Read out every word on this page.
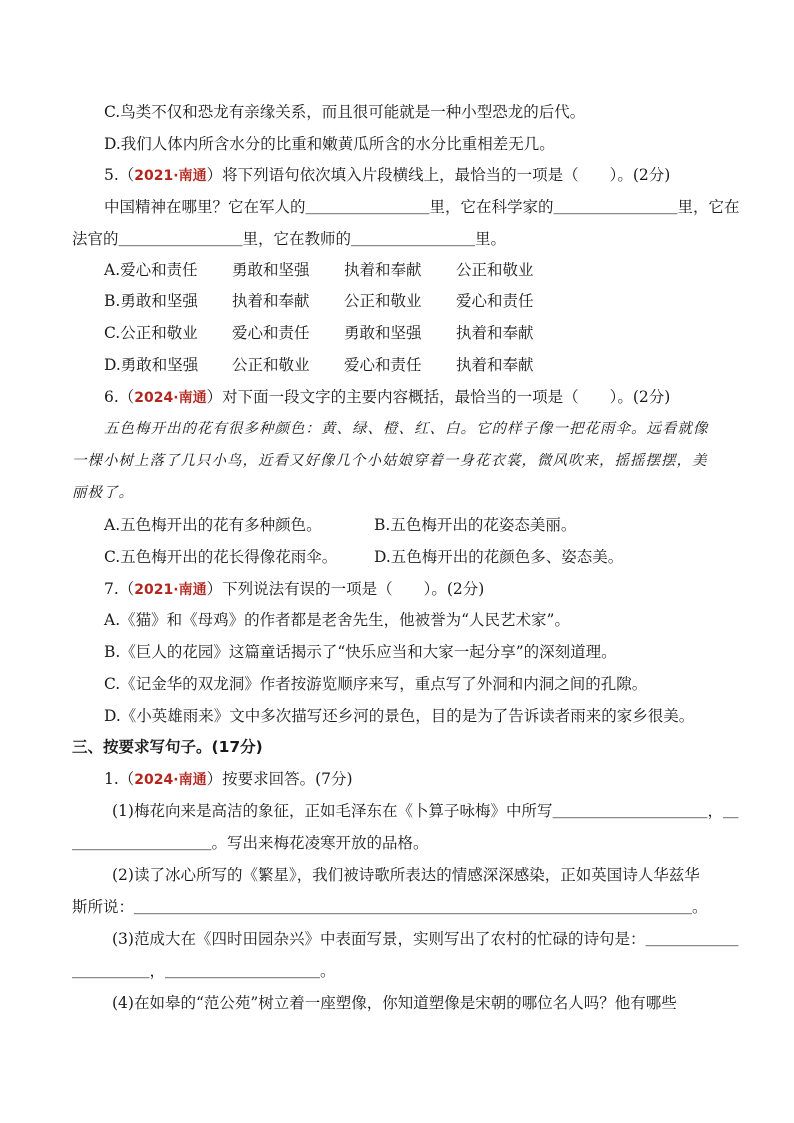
C.鸟类不仅和恐龙有亲缘关系，而且很可能就是一种小型恐龙的后代。
D.我们人体内所含水分的比重和嫩黄瓜所含的水分比重相差无几。
5.（2021·南通）将下列语句依次填入片段横线上，最恰当的一项是（　　）。(2分)
中国精神在哪里？它在军人的＿＿＿＿＿＿＿＿里，它在科学家的＿＿＿＿＿＿＿＿里，它在
法官的＿＿＿＿＿＿＿＿里，它在教师的＿＿＿＿＿＿＿＿里。
A.爱心和责任 勇敢和坚强 执着和奉献 公正和敬业
B.勇敢和坚强 执着和奉献 公正和敬业 爱心和责任
C.公正和敬业 爱心和责任 勇敢和坚强 执着和奉献
D.勇敢和坚强 公正和敬业 爱心和责任 执着和奉献
6.（2024·南通）对下面一段文字的主要内容概括，最恰当的一项是（　　）。(2分)
五色梅开出的花有很多种颜色：黄、绿、橙、红、白。它的样子像一把花雨伞。远看就像
一棵小树上落了几只小鸟，近看又好像几个小姑娘穿着一身花衣裳，微风吹来，摇摇摆摆，美
丽极了。
A.五色梅开出的花有多种颜色。	B.五色梅开出的花姿态美丽。
C.五色梅开出的花长得像花雨伞。 D.五色梅开出的花颜色多、姿态美。
7.（2021·南通）下列说法有误的一项是（　　）。(2分)
A.《猫》和《母鸡》的作者都是老舍先生，他被誉为“人民艺术家”。
B.《巨人的花园》这篇童话揭示了“快乐应当和大家一起分享”的深刻道理。
C.《记金华的双龙洞》作者按游览顺序来写，重点写了外洞和内洞之间的孔隙。
D.《小英雄雨来》文中多次描写还乡河的景色，目的是为了告诉读者雨来的家乡很美。
三、按要求写句子。(17分)
1.（2024·南通）按要求回答。(7分)
(1)梅花向来是高洁的象征，正如毛泽东在《卜算子咏梅》中所写＿＿＿＿＿＿＿＿＿＿，＿
＿＿＿＿＿＿＿＿＿。写出来梅花凌寒开放的品格。
(2)读了冰心所写的《繁星》，我们被诗歌所表达的情感深深感染，正如英国诗人华兹华
斯所说：＿＿＿＿＿＿＿＿＿＿＿＿＿＿＿＿＿＿＿＿＿＿＿＿＿＿＿＿＿＿＿＿＿＿＿＿。
(3)范成大在《四时田园杂兴》中表面写景，实则写出了农村的忙碌的诗句是：＿＿＿＿＿＿
＿＿＿＿＿，＿＿＿＿＿＿＿＿＿＿。
(4)在如皋的“范公苑”树立着一座塑像，你知道塑像是宋朝的哪位名人吗？他有哪些
